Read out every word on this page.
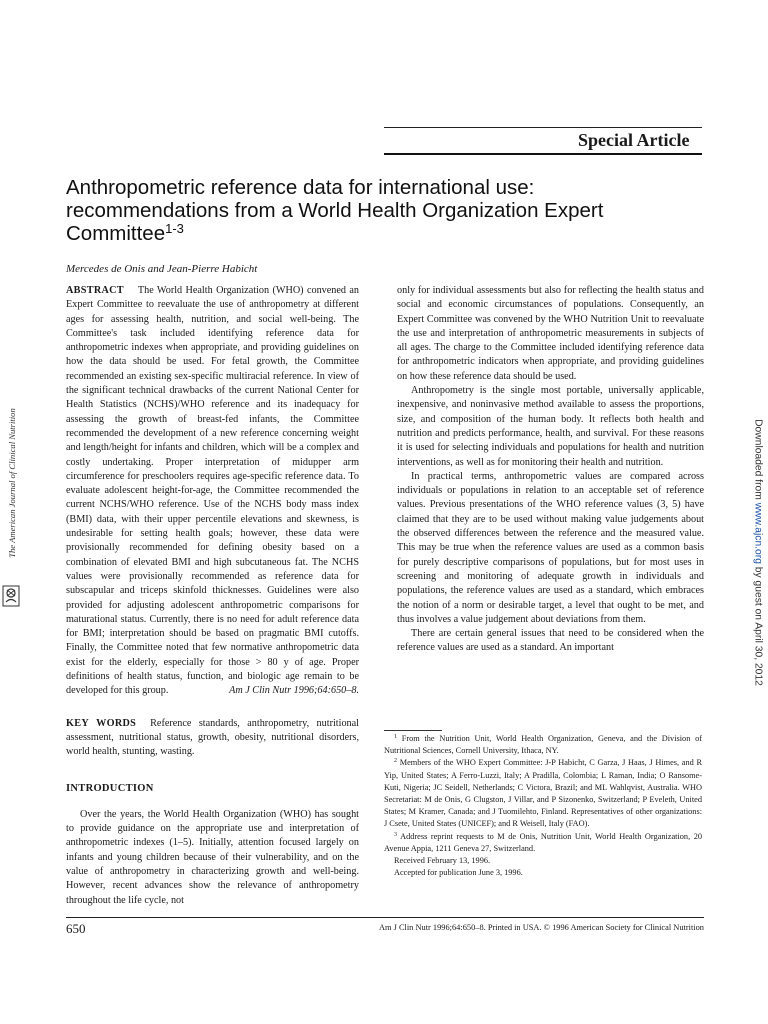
Special Article
Anthropometric reference data for international use: recommendations from a World Health Organization Expert Committee$^{1-3}$
Mercedes de Onis and Jean-Pierre Habicht

ABSTRACT The World Health Organization (WHO) convened an Expert Committee to reevaluate the use of anthropometry at different ages for assessing health, nutrition, and social well-being. The Committee's task included identifying reference data for anthropometric indexes when appropriate, and providing guidelines on how the data should be used. For fetal growth, the Committee recommended an existing sex-specific multiracial reference. In view of the significant technical drawbacks of the current National Center for Health Statistics (NCHS)/WHO reference and its inadequacy for assessing the growth of breast-fed infants, the Committee recommended the development of a new reference concerning weight and length/height for infants and children, which will be a complex and costly undertaking. Proper interpretation of midupper arm circumference for preschoolers requires age-specific reference data. To evaluate adolescent height-for-age, the Committee recommended the current NCHS/WHO reference. Use of the NCHS body mass index (BMI) data, with their upper percentile elevations and skewness, is undesirable for setting health goals; however, these data were provisionally recommended for defining obesity based on a combination of elevated BMI and high subcutaneous fat. The NCHS values were provisionally recommended as reference data for subscapular and triceps skinfold thicknesses. Guidelines were also provided for adjusting adolescent anthropometric comparisons for maturational status. Currently, there is no need for adult reference data for BMI; interpretation should be based on pragmatic BMI cutoffs. Finally, the Committee noted that few normative anthropometric data exist for the elderly, especially for those > 80 y of age. Proper definitions of health status, function, and biologic age remain to be developed for this group.	Am J Clin Nutr 1996;64:650–8.

KEY WORDS Reference standards, anthropometry, nutritional assessment, nutritional status, growth, obesity, nutritional disorders, world health, stunting, wasting.

INTRODUCTION

Over the years, the World Health Organization (WHO) has sought to provide guidance on the appropriate use and interpretation of anthropometric indexes (1–5). Initially, attention focused largely on infants and young children because of their vulnerability, and on the value of anthropometry in characterizing growth and well-being. However, recent advances show the relevance of anthropometry throughout the life cycle, not

only for individual assessments but also for reflecting the health status and social and economic circumstances of populations. Consequently, an Expert Committee was convened by the WHO Nutrition Unit to reevaluate the use and interpretation of anthropometric measurements in subjects of all ages. The charge to the Committee included identifying reference data for anthropometric indicators when appropriate, and providing guidelines on how these reference data should be used.

Anthropometry is the single most portable, universally applicable, inexpensive, and noninvasive method available to assess the proportions, size, and composition of the human body. It reflects both health and nutrition and predicts performance, health, and survival. For these reasons it is used for selecting individuals and populations for health and nutrition interventions, as well as for monitoring their health and nutrition.

In practical terms, anthropometric values are compared across individuals or populations in relation to an acceptable set of reference values. Previous presentations of the WHO reference values (3, 5) have claimed that they are to be used without making value judgements about the observed differences between the reference and the measured value. This may be true when the reference values are used as a common basis for purely descriptive comparisons of populations, but for most uses in screening and monitoring of adequate growth in individuals and populations, the reference values are used as a standard, which embraces the notion of a norm or desirable target, a level that ought to be met, and thus involves a value judgement about deviations from them.

There are certain general issues that need to be considered when the reference values are used as a standard. An important

$^1$ From the Nutrition Unit, World Health Organization, Geneva, and the Division of Nutritional Sciences, Cornell University, Ithaca, NY.

$^2$ Members of the WHO Expert Committee: J-P Habicht, C Garza, J Haas, J Himes, and R Yip, United States; A Ferro-Luzzi, Italy; A Pradilla, Colombia; L Raman, India; O Ransome-Kuti, Nigeria; JC Seidell, Netherlands; C Victora, Brazil; and ML Wahlqvist, Australia. WHO Secretariat: M de Onis, G Clugston, J Villar, and P Sizonenko, Switzerland; P Eveleth, United States; M Kramer, Canada; and J Tuomilehto, Finland. Representatives of other organizations: J Csete, United States (UNICEF); and R Weisell, Italy (FAO).

$^3$ Address reprint requests to M de Onis, Nutrition Unit, World Health Organization, 20 Avenue Appia, 1211 Geneva 27, Switzerland.

Received February 13, 1996.

Accepted for publication June 3, 1996.

650	Am J Clin Nutr 1996;64:650–8. Printed in USA. © 1996 American Society for Clinical Nutrition
The American Journal of Clinical Nutrition	Downloaded from www.ajcn.org by guest on April 30, 2012
